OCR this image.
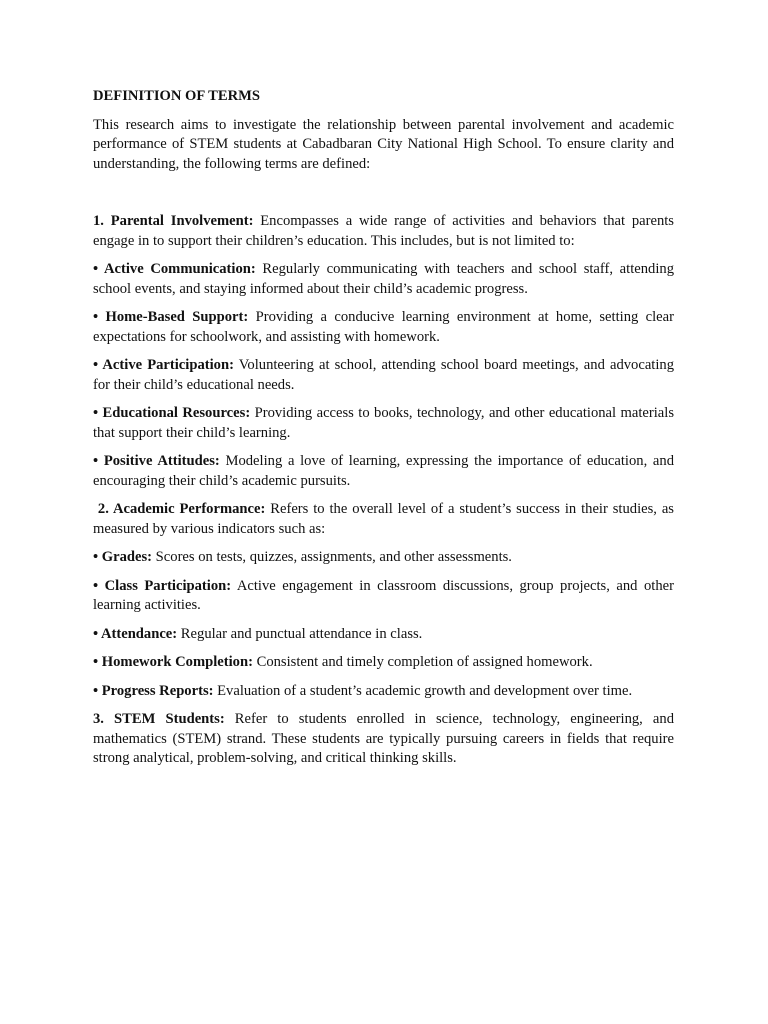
DEFINITION OF TERMS
This research aims to investigate the relationship between parental involvement and academic performance of STEM students at Cabadbaran City National High School. To ensure clarity and understanding, the following terms are defined:
1. Parental Involvement: Encompasses a wide range of activities and behaviors that parents engage in to support their children’s education. This includes, but is not limited to:
• Active Communication: Regularly communicating with teachers and school staff, attending school events, and staying informed about their child’s academic progress.
• Home-Based Support: Providing a conducive learning environment at home, setting clear expectations for schoolwork, and assisting with homework.
• Active Participation: Volunteering at school, attending school board meetings, and advocating for their child’s educational needs.
• Educational Resources: Providing access to books, technology, and other educational materials that support their child’s learning.
• Positive Attitudes: Modeling a love of learning, expressing the importance of education, and encouraging their child’s academic pursuits.
2. Academic Performance: Refers to the overall level of a student’s success in their studies, as measured by various indicators such as:
• Grades: Scores on tests, quizzes, assignments, and other assessments.
• Class Participation: Active engagement in classroom discussions, group projects, and other learning activities.
• Attendance: Regular and punctual attendance in class.
• Homework Completion: Consistent and timely completion of assigned homework.
• Progress Reports: Evaluation of a student’s academic growth and development over time.
3. STEM Students: Refer to students enrolled in science, technology, engineering, and mathematics (STEM) strand. These students are typically pursuing careers in fields that require strong analytical, problem-solving, and critical thinking skills.
